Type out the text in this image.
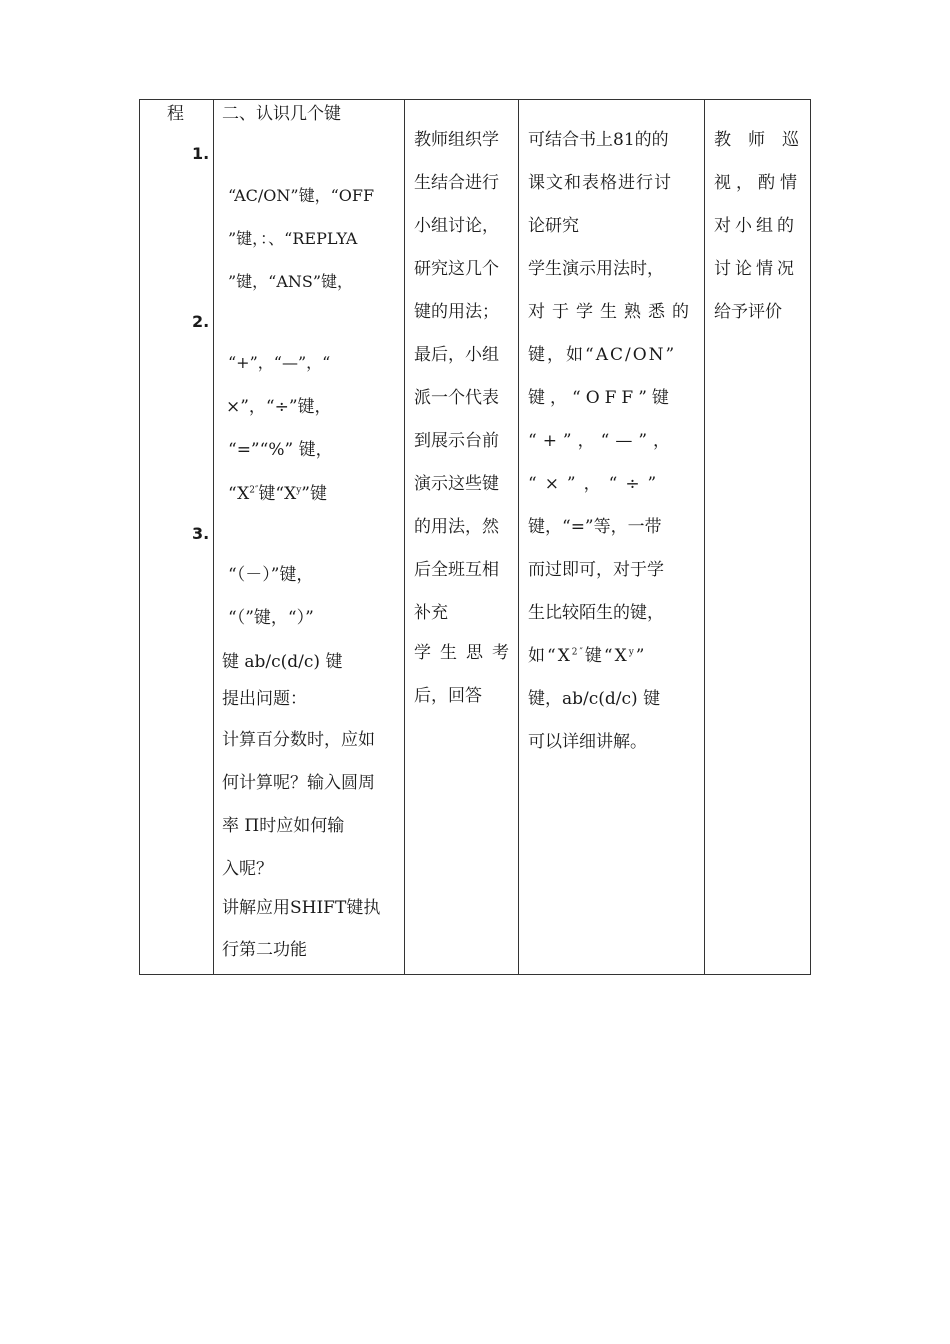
程
1.
2.
3.
二、认识几个键
“AC/ON”键，“OFF
”键，：、“REPLYA
”键，“ANS”键，
“+”，“—”，“
×”，“÷”键，
“=”“%” 键，
“$X^{2''}$键“$X^y$”键
“（－）”键，
“（”键，“）”
键 ab/c(d/c) 键
提出问题：
计算百分数时，应如
何计算呢？输入圆周
率 Π时应如何输
入呢？
讲解应用SHIFT键执
行第二功能
教师组织学
生结合进行
小组讨论，
研究这几个
键的用法；
最后，小组
派一个代表
到展示台前
演示这些键
的用法，然
后全班互相
补充
学生思考
后，回答
可结合书上81的的
课文和表格进行讨
论研究
学生演示用法时，
对于学生熟悉的
键，如“AC/ON”
键，“OFF”键
“+”，“—”，
“×”，“÷”
键，“=”等，一带
而过即可，对于学
生比较陌生的键，
如“$X^{2''}$键“$X^y$”
键，ab/c(d/c) 键
可以详细讲解。
教师巡
视，酌情
对小组的
讨论情况
给予评价
